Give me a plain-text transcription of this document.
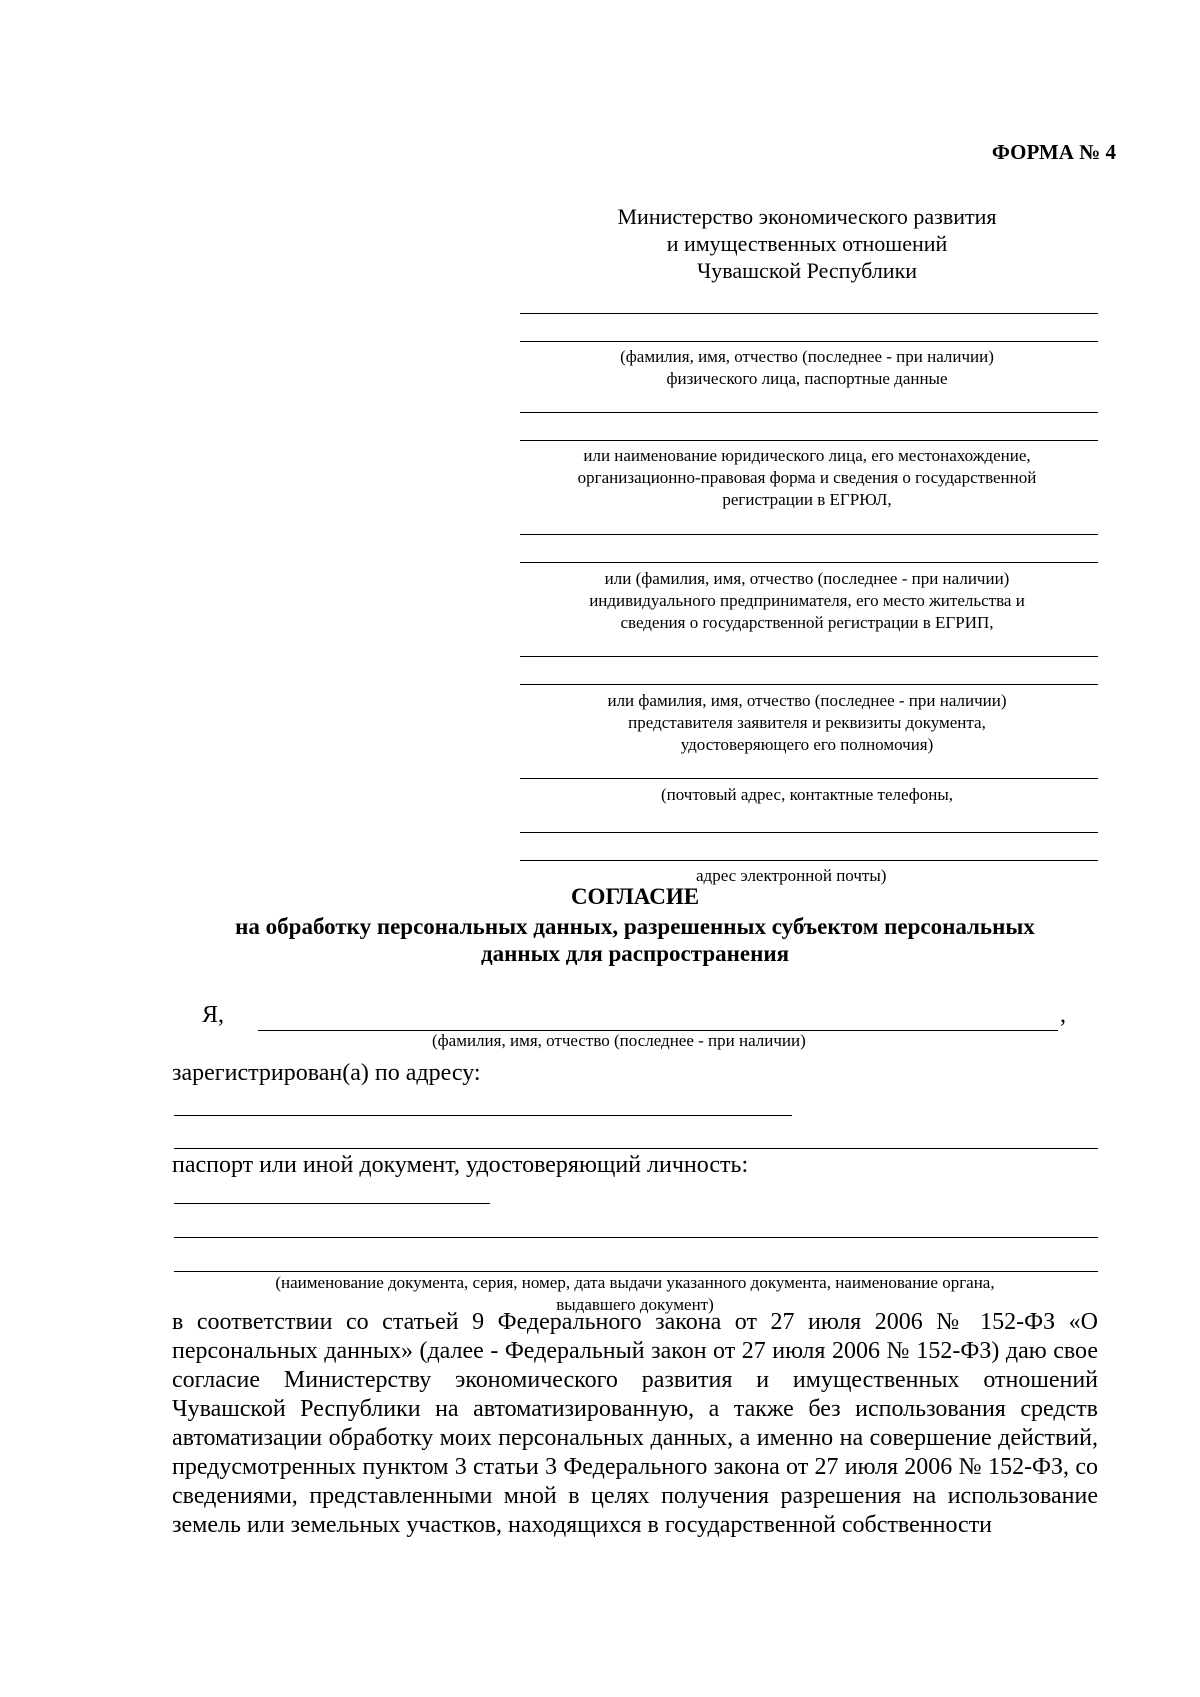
ФОРМА № 4
Министерство экономического развития
и имущественных отношений
Чувашской Республики
(фамилия, имя, отчество (последнее - при наличии)
физического лица, паспортные данные
или наименование юридического лица, его местонахождение,
организационно-правовая форма и сведения о государственной
регистрации в ЕГРЮЛ,
или (фамилия, имя, отчество (последнее - при наличии)
индивидуального предпринимателя, его место жительства и
сведения о государственной регистрации в ЕГРИП,
или фамилия, имя, отчество (последнее - при наличии)
представителя заявителя и реквизиты документа,
удостоверяющего его полномочия)
(почтовый адрес, контактные телефоны,
адрес электронной почты)
СОГЛАСИЕ
на обработку персональных данных, разрешенных субъектом персональных
данных для распространения
Я,	,
(фамилия, имя, отчество (последнее - при наличии)
зарегистрирован(а) по адресу:
паспорт или иной документ, удостоверяющий личность:
(наименование документа, серия, номер, дата выдачи указанного документа, наименование органа,
выдавшего документ)
в соответствии со статьей 9 Федерального закона от 27 июля 2006 № 152-ФЗ «О персональных данных» (далее - Федеральный закон от 27 июля 2006 № 152-ФЗ) даю свое согласие Министерству экономического развития и имущественных отношений Чувашской Республики на автоматизированную, а также без использования средств автоматизации обработку моих персональных данных, а именно на совершение действий, предусмотренных пунктом 3 статьи 3 Федерального закона от 27 июля 2006 № 152-ФЗ, со сведениями, представленными мной в целях получения разрешения на использование земель или земельных участков, находящихся в государственной собственности
